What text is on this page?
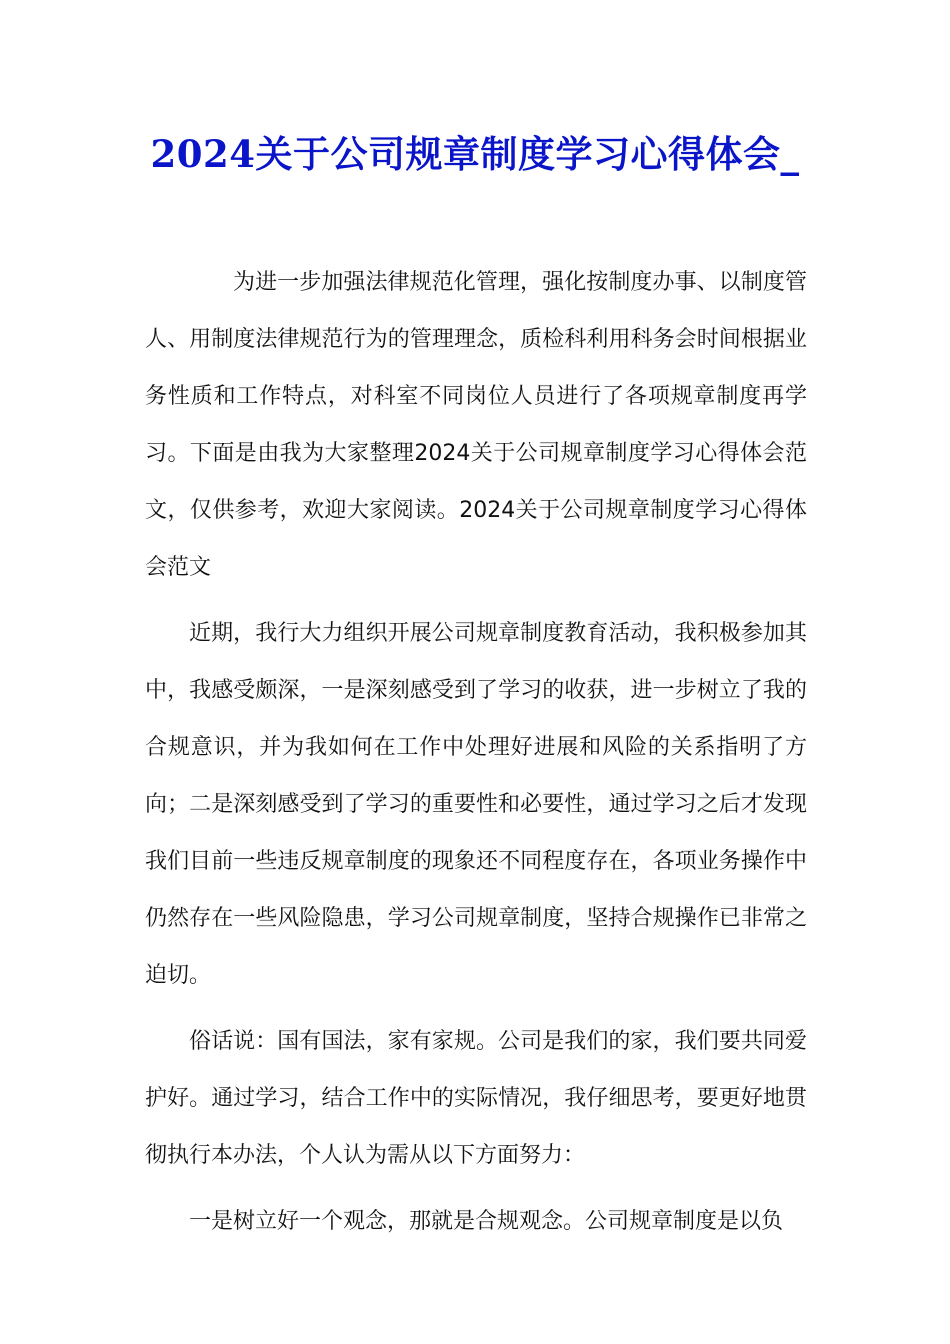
2024关于公司规章制度学习心得体会_

为进一步加强法律规范化管理，强化按制度办事、以制度管人、用制度法律规范行为的管理理念，质检科利用科务会时间根据业务性质和工作特点，对科室不同岗位人员进行了各项规章制度再学习。下面是由我为大家整理2024关于公司规章制度学习心得体会范文，仅供参考，欢迎大家阅读。2024关于公司规章制度学习心得体会范文

近期，我行大力组织开展公司规章制度教育活动，我积极参加其中，我感受颇深，一是深刻感受到了学习的收获，进一步树立了我的合规意识，并为我如何在工作中处理好进展和风险的关系指明了方向；二是深刻感受到了学习的重要性和必要性，通过学习之后才发现我们目前一些违反规章制度的现象还不同程度存在，各项业务操作中仍然存在一些风险隐患，学习公司规章制度，坚持合规操作已非常之迫切。

俗话说：国有国法，家有家规。公司是我们的家，我们要共同爱护好。通过学习，结合工作中的实际情况，我仔细思考，要更好地贯彻执行本办法，个人认为需从以下方面努力：

一是树立好一个观念，那就是合规观念。公司规章制度是以负
